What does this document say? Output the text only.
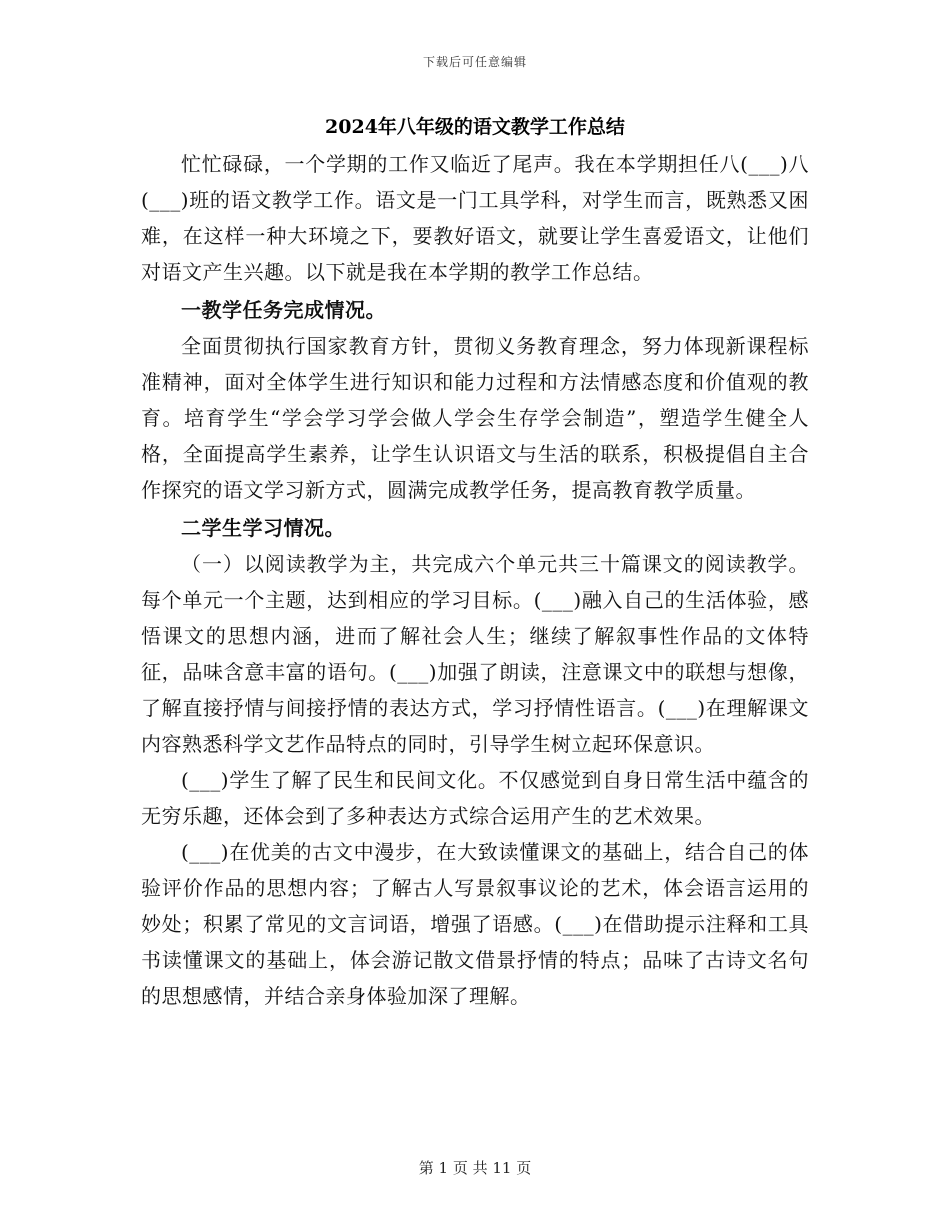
下载后可任意编辑
2024年八年级的语文教学工作总结

忙忙碌碌，一个学期的工作又临近了尾声。我在本学期担任八(___)八(___)班的语文教学工作。语文是一门工具学科，对学生而言，既熟悉又困难，在这样一种大环境之下，要教好语文，就要让学生喜爱语文，让他们对语文产生兴趣。以下就是我在本学期的教学工作总结。

一教学任务完成情况。

全面贯彻执行国家教育方针，贯彻义务教育理念，努力体现新课程标准精神，面对全体学生进行知识和能力过程和方法情感态度和价值观的教育。培育学生“学会学习学会做人学会生存学会制造”，塑造学生健全人格，全面提高学生素养，让学生认识语文与生活的联系，积极提倡自主合作探究的语文学习新方式，圆满完成教学任务，提高教育教学质量。

二学生学习情况。

（一）以阅读教学为主，共完成六个单元共三十篇课文的阅读教学。每个单元一个主题，达到相应的学习目标。(___)融入自己的生活体验，感悟课文的思想内涵，进而了解社会人生；继续了解叙事性作品的文体特征，品味含意丰富的语句。(___)加强了朗读，注意课文中的联想与想像，了解直接抒情与间接抒情的表达方式，学习抒情性语言。(___)在理解课文内容熟悉科学文艺作品特点的同时，引导学生树立起环保意识。

(___)学生了解了民生和民间文化。不仅感觉到自身日常生活中蕴含的无穷乐趣，还体会到了多种表达方式综合运用产生的艺术效果。

(___)在优美的古文中漫步，在大致读懂课文的基础上，结合自己的体验评价作品的思想内容；了解古人写景叙事议论的艺术，体会语言运用的妙处；积累了常见的文言词语，增强了语感。(___)在借助提示注释和工具书读懂课文的基础上，体会游记散文借景抒情的特点；品味了古诗文名句的思想感情，并结合亲身体验加深了理解。

第 1 页 共 11 页
